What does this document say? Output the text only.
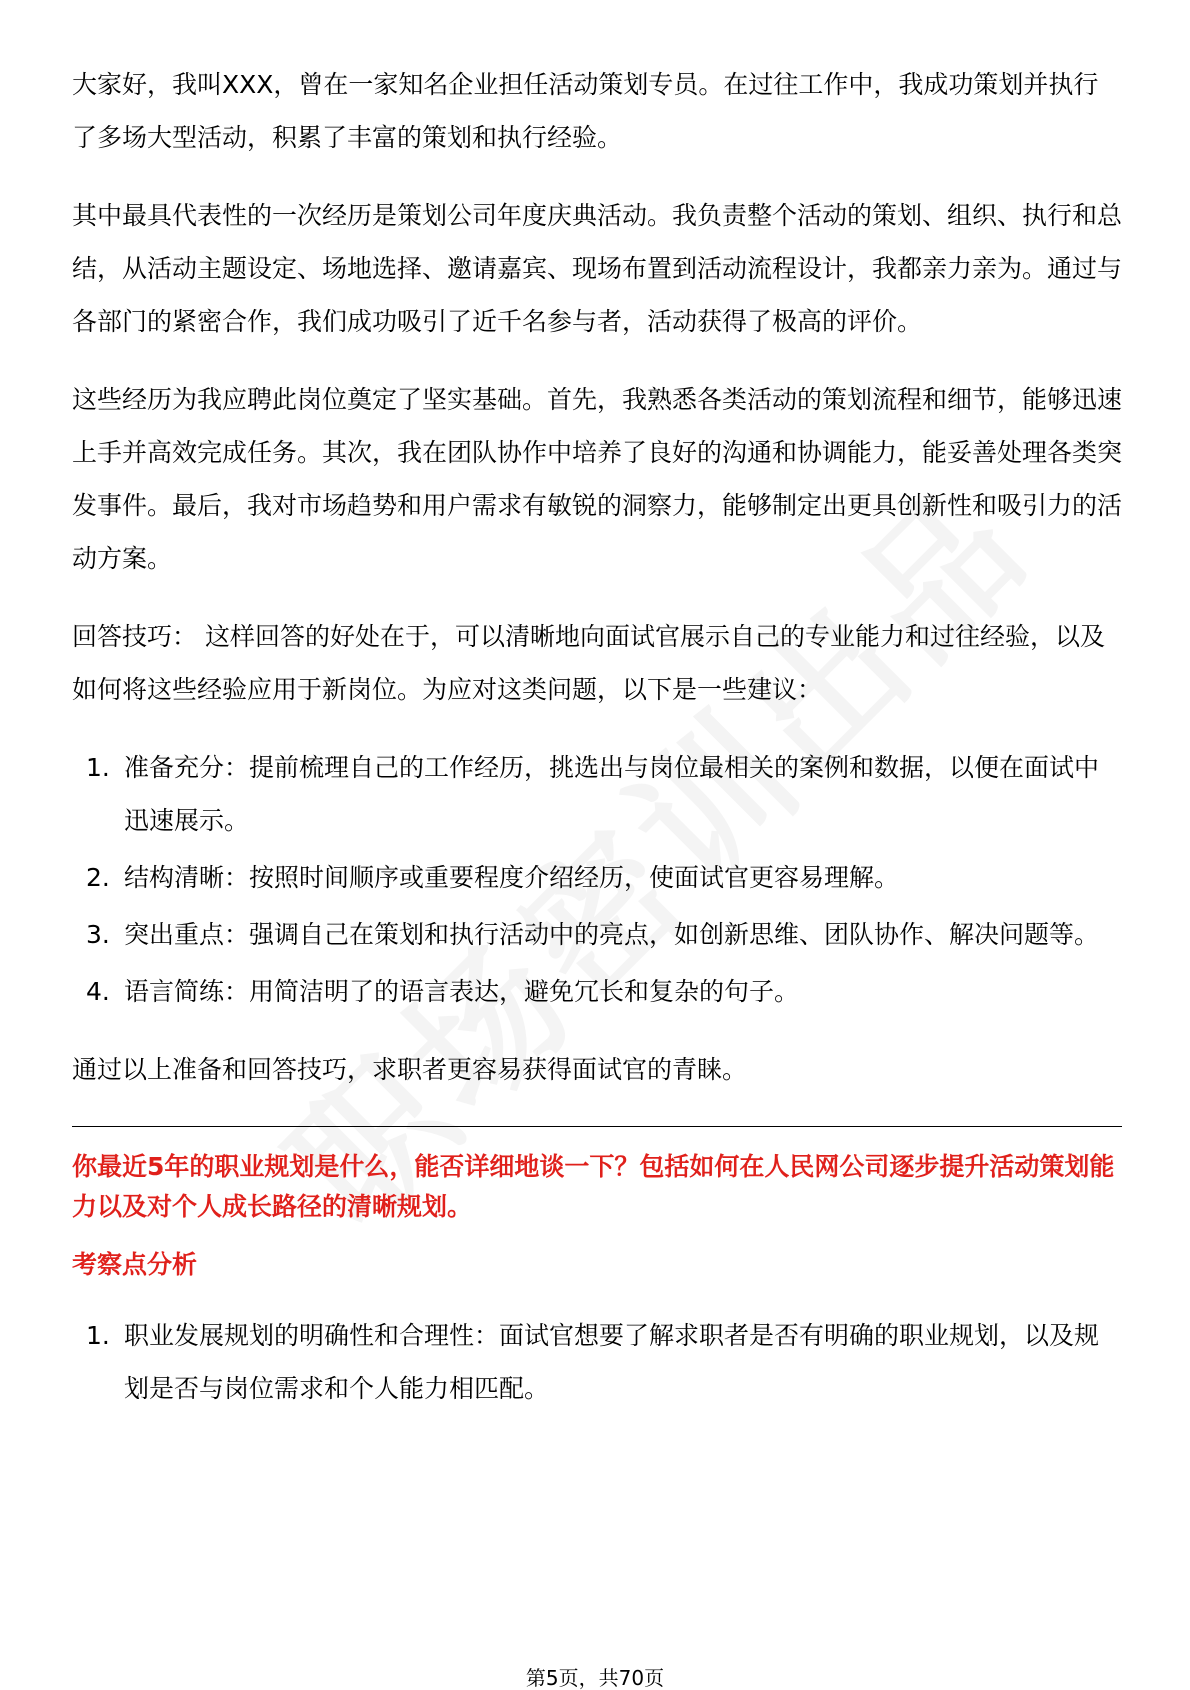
大家好，我叫XXX，曾在一家知名企业担任活动策划专员。在过往工作中，我成功策划并执行了多场大型活动，积累了丰富的策划和执行经验。

其中最具代表性的一次经历是策划公司年度庆典活动。我负责整个活动的策划、组织、执行和总结，从活动主题设定、场地选择、邀请嘉宾、现场布置到活动流程设计，我都亲力亲为。通过与各部门的紧密合作，我们成功吸引了近千名参与者，活动获得了极高的评价。

这些经历为我应聘此岗位奠定了坚实基础。首先，我熟悉各类活动的策划流程和细节，能够迅速上手并高效完成任务。其次，我在团队协作中培养了良好的沟通和协调能力，能妥善处理各类突发事件。最后，我对市场趋势和用户需求有敏锐的洞察力，能够制定出更具创新性和吸引力的活动方案。

回答技巧： 这样回答的好处在于，可以清晰地向面试官展示自己的专业能力和过往经验，以及如何将这些经验应用于新岗位。为应对这类问题，以下是一些建议：

1. 准备充分：提前梳理自己的工作经历，挑选出与岗位最相关的案例和数据，以便在面试中迅速展示。
2. 结构清晰：按照时间顺序或重要程度介绍经历，使面试官更容易理解。
3. 突出重点：强调自己在策划和执行活动中的亮点，如创新思维、团队协作、解决问题等。
4. 语言简练：用简洁明了的语言表达，避免冗长和复杂的句子。

通过以上准备和回答技巧，求职者更容易获得面试官的青睐。

你最近5年的职业规划是什么，能否详细地谈一下？包括如何在人民网公司逐步提升活动策划能力以及对个人成长路径的清晰规划。
考察点分析
1. 职业发展规划的明确性和合理性：面试官想要了解求职者是否有明确的职业规划，以及规划是否与岗位需求和个人能力相匹配。
第5页，共70页
